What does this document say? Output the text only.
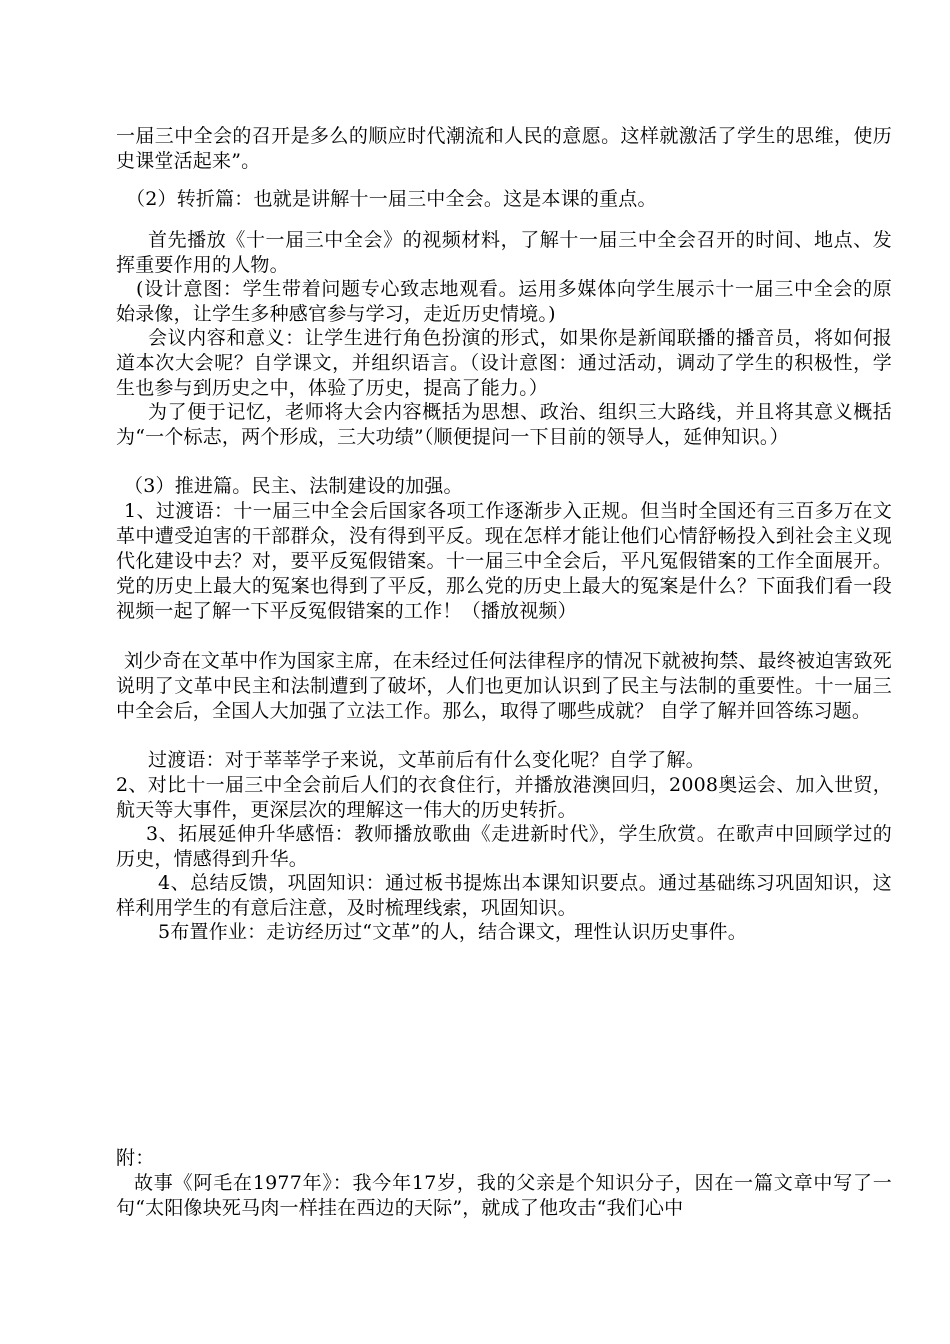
一届三中全会的召开是多么的顺应时代潮流和人民的意愿。这样就激活了学生的思维，使历史课堂活起来”。

（2）转折篇：也就是讲解十一届三中全会。这是本课的重点。

首先播放《十一届三中全会》的视频材料，了解十一届三中全会召开的时间、地点、发挥重要作用的人物。

(设计意图：学生带着问题专心致志地观看。运用多媒体向学生展示十一届三中全会的原始录像，让学生多种感官参与学习，走近历史情境。)

会议内容和意义：让学生进行角色扮演的形式，如果你是新闻联播的播音员，将如何报道本次大会呢？自学课文，并组织语言。（设计意图：通过活动，调动了学生的积极性，学生也参与到历史之中，体验了历史，提高了能力。）

为了便于记忆，老师将大会内容概括为思想、政治、组织三大路线，并且将其意义概括为“一个标志，两个形成，三大功绩”（顺便提问一下目前的领导人，延伸知识。）

（3）推进篇。民主、法制建设的加强。

1、过渡语：十一届三中全会后国家各项工作逐渐步入正规。但当时全国还有三百多万在文革中遭受迫害的干部群众，没有得到平反。现在怎样才能让他们心情舒畅投入到社会主义现代化建设中去？对，要平反冤假错案。十一届三中全会后，平凡冤假错案的工作全面展开。党的历史上最大的冤案也得到了平反，那么党的历史上最大的冤案是什么？下面我们看一段视频一起了解一下平反冤假错案的工作！（播放视频）

刘少奇在文革中作为国家主席，在未经过任何法律程序的情况下就被拘禁、最终被迫害致死说明了文革中民主和法制遭到了破坏，人们也更加认识到了民主与法制的重要性。十一届三中全会后，全国人大加强了立法工作。那么，取得了哪些成就？ 自学了解并回答练习题。

过渡语：对于莘莘学子来说，文革前后有什么变化呢？自学了解。

2、对比十一届三中全会前后人们的衣食住行，并播放港澳回归，2008奥运会、加入世贸，航天等大事件，更深层次的理解这一伟大的历史转折。

3、拓展延伸升华感悟：教师播放歌曲《走进新时代》，学生欣赏。在歌声中回顾学过的历史，情感得到升华。

4、总结反馈，巩固知识：通过板书提炼出本课知识要点。通过基础练习巩固知识，这样利用学生的有意后注意，及时梳理线索，巩固知识。

5布置作业：走访经历过“文革”的人，结合课文，理性认识历史事件。

附：

故事《阿毛在1977年》：我今年17岁，我的父亲是个知识分子，因在一篇文章中写了一句“太阳像块死马肉一样挂在西边的天际”，就成了他攻击“我们心中
